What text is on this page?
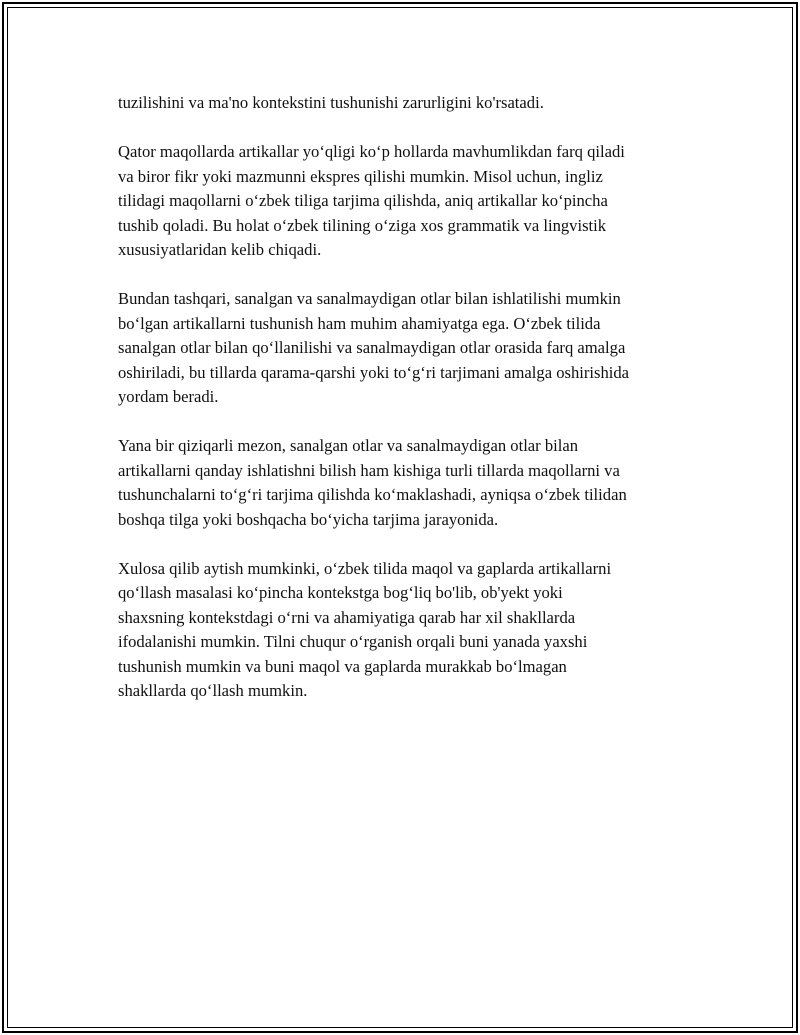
tuzilishini va ma'no kontekstini tushunishi zarurligini ko'rsatadi.

Qator maqollarda artikallar yo‘qligi ko‘p hollarda mavhumlikdan farq qiladi
va biror fikr yoki mazmunni ekspres qilishi mumkin. Misol uchun, ingliz
tilidagi maqollarni o‘zbek tiliga tarjima qilishda, aniq artikallar ko‘pincha
tushib qoladi. Bu holat o‘zbek tilining o‘ziga xos grammatik va lingvistik
xususiyatlaridan kelib chiqadi.

Bundan tashqari, sanalgan va sanalmaydigan otlar bilan ishlatilishi mumkin
bo‘lgan artikallarni tushunish ham muhim ahamiyatga ega. O‘zbek tilida
sanalgan otlar bilan qo‘llanilishi va sanalmaydigan otlar orasida farq amalga
oshiriladi, bu tillarda qarama-qarshi yoki to‘g‘ri tarjimani amalga oshirishida
yordam beradi.

Yana bir qiziqarli mezon, sanalgan otlar va sanalmaydigan otlar bilan
artikallarni qanday ishlatishni bilish ham kishiga turli tillarda maqollarni va
tushunchalarni to‘g‘ri tarjima qilishda ko‘maklashadi, ayniqsa o‘zbek tilidan
boshqa tilga yoki boshqacha bo‘yicha tarjima jarayonida.

Xulosa qilib aytish mumkinki, o‘zbek tilida maqol va gaplarda artikallarni
qo‘llash masalasi ko‘pincha kontekstga bog‘liq bo'lib, ob'yekt yoki
shaxsning kontekstdagi o‘rni va ahamiyatiga qarab har xil shakllarda
ifodalanishi mumkin. Tilni chuqur o‘rganish orqali buni yanada yaxshi
tushunish mumkin va buni maqol va gaplarda murakkab bo‘lmagan
shakllarda qo‘llash mumkin.
